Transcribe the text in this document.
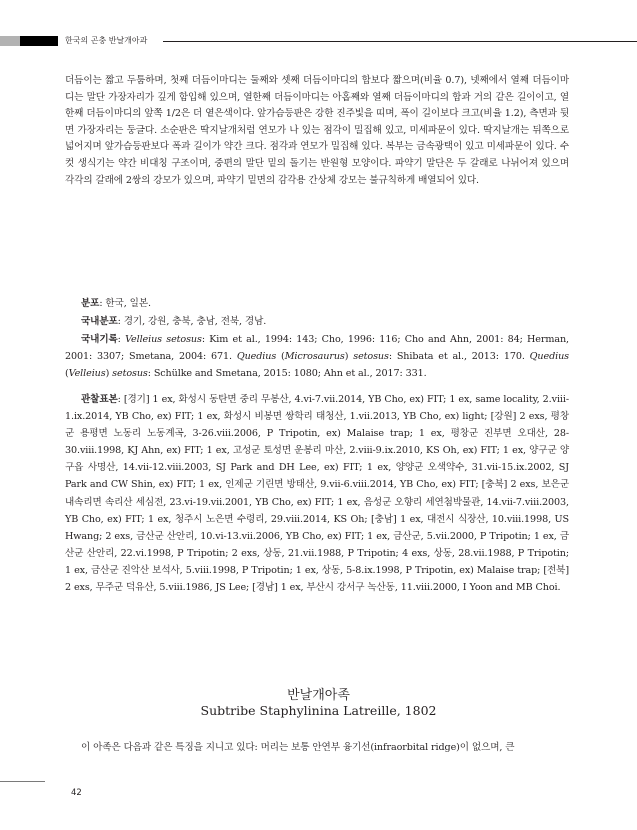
한국의 곤충 반날개아과

더듬이는 짧고 두툼하며, 첫째 더듬이마디는 둘째와 셋째 더듬이마디의 합보다 짧으며(비율 0.7), 넷째에서 열째 더듬이마디는 말단 가장자리가 깊게 함입해 있으며, 열한째 더듬이마디는 아홉째와 열째 더듬이마디의 합과 거의 같은 길이이고, 열한째 더듬이마디의 앞쪽 1/2은 더 옅은색이다. 앞가슴등판은 강한 진주빛을 띠며, 폭이 길이보다 크고(비율 1.2), 측면과 뒷면 가장자리는 둥글다. 소순판은 딱지날개처럼 연모가 나 있는 점각이 밀집해 있고, 미세파문이 있다. 딱지날개는 뒤쪽으로 넓어지며 앞가슴등판보다 폭과 길이가 약간 크다. 점각과 연모가 밀집해 있다. 복부는 금속광택이 있고 미세파문이 있다. 수컷 생식기는 약간 비대칭 구조이며, 중편의 말단 밑의 돌기는 반원형 모양이다. 파약기 말단은 두 갈래로 나뉘어져 있으며 각각의 갈래에 2쌍의 강모가 있으며, 파약기 밑면의 감각용 간상체 강모는 불규칙하게 배열되어 있다.

분포: 한국, 일본.

국내분포: 경기, 강원, 충북, 충남, 전북, 경남.

국내기록: Velleius setosus: Kim et al., 1994: 143; Cho, 1996: 116; Cho and Ahn, 2001: 84; Herman, 2001: 3307; Smetana, 2004: 671. Quedius (Microsaurus) setosus: Shibata et al., 2013: 170. Quedius (Velleius) setosus: Schülke and Smetana, 2015: 1080; Ahn et al., 2017: 331.

관찰표본: [경기] 1 ex, 화성시 동탄면 중리 무봉산, 4.vi-7.vii.2014, YB Cho, ex) FIT; 1 ex, same locality, 2.viii-1.ix.2014, YB Cho, ex) FIT; 1 ex, 화성시 비봉면 쌍학리 태청산, 1.vii.2013, YB Cho, ex) light; [강원] 2 exs, 평창군 용평면 노동리 노동계곡, 3-26.viii.2006, P Tripotin, ex) Malaise trap; 1 ex, 평창군 진부면 오대산, 28-30.viii.1998, KJ Ahn, ex) FIT; 1 ex, 고성군 토성면 운봉리 마산, 2.viii-9.ix.2010, KS Oh, ex) FIT; 1 ex, 양구군 양구읍 사명산, 14.vii-12.viii.2003, SJ Park and DH Lee, ex) FIT; 1 ex, 양양군 오색약수, 31.vii-15.ix.2002, SJ Park and CW Shin, ex) FIT; 1 ex, 인제군 기린면 방태산, 9.vii-6.viii.2014, YB Cho, ex) FIT; [충북] 2 exs, 보은군 내속리면 속리산 세심전, 23.vi-19.vii.2001, YB Cho, ex) FIT; 1 ex, 음성군 오향리 세연첨박물관, 14.vii-7.viii.2003, YB Cho, ex) FIT; 1 ex, 청주시 노은면 수령리, 29.viii.2014, KS Oh; [충남] 1 ex, 대전시 식장산, 10.viii.1998, US Hwang; 2 exs, 금산군 산안리, 10.vi-13.vii.2006, YB Cho, ex) FIT; 1 ex, 금산군, 5.vii.2000, P Tripotin; 1 ex, 금산군 산안리, 22.vi.1998, P Tripotin; 2 exs, 상동, 21.vii.1988, P Tripotin; 4 exs, 상동, 28.vii.1988, P Tripotin; 1 ex, 금산군 진악산 보석사, 5.viii.1998, P Tripotin; 1 ex, 상동, 5-8.ix.1998, P Tripotin, ex) Malaise trap; [전북] 2 exs, 무주군 덕유산, 5.viii.1986, JS Lee; [경남] 1 ex, 부산시 강서구 녹산동, 11.viii.2000, I Yoon and MB Choi.

반날개아족
Subtribe Staphylinina Latreille, 1802

이 아족은 다음과 같은 특징을 지니고 있다: 머리는 보통 안연부 융기선(infraorbital ridge)이 없으며, 큰

42
